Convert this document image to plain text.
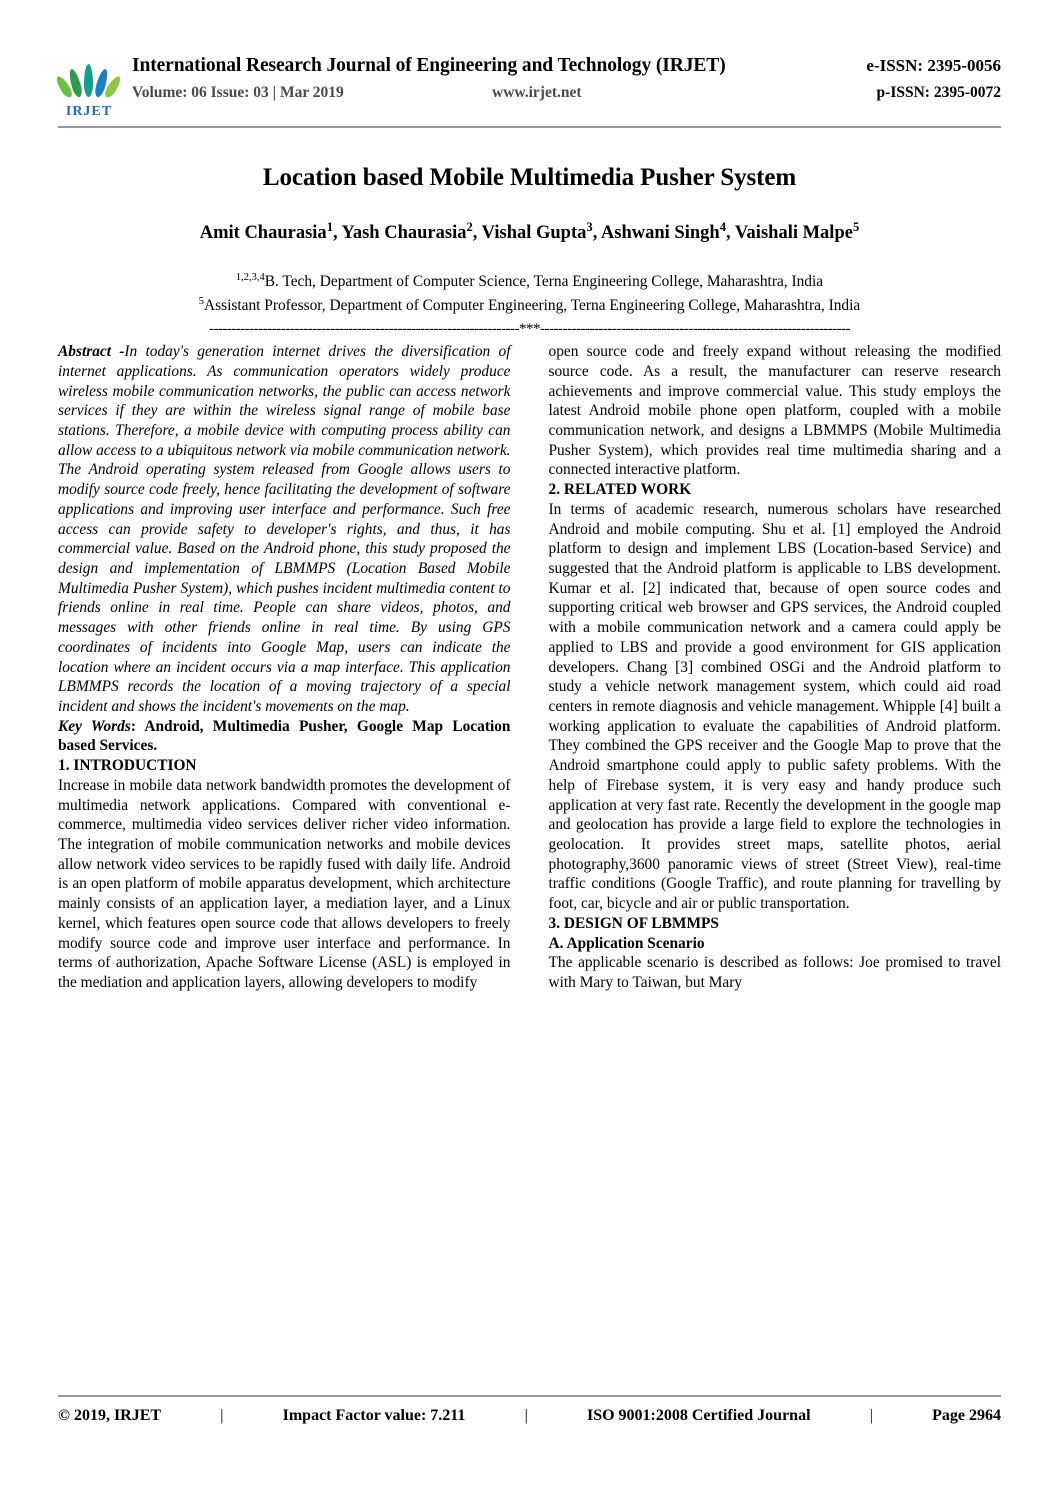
IRJET
International Research Journal of Engineering and Technology (IRJET)	e-ISSN: 2395-0056
Volume: 06 Issue: 03 | Mar 2019	www.irjet.net	p-ISSN: 2395-0072
Location based Mobile Multimedia Pusher System
Amit Chaurasia$^1$, Yash Chaurasia$^2$, Vishal Gupta$^3$, Ashwani Singh$^4$, Vaishali Malpe$^5$
$^{1,2,3,4}$B. Tech, Department of Computer Science, Terna Engineering College, Maharashtra, India
$^5$Assistant Professor, Department of Computer Engineering, Terna Engineering College, Maharashtra, India
---------------------------------------------------------------------***---------------------------------------------------------------------

Abstract -In today's generation internet drives the diversification of internet applications. As communication operators widely produce wireless mobile communication networks, the public can access network services if they are within the wireless signal range of mobile base stations. Therefore, a mobile device with computing process ability can allow access to a ubiquitous network via mobile communication network. The Android operating system released from Google allows users to modify source code freely, hence facilitating the development of software applications and improving user interface and performance. Such free access can provide safety to developer's rights, and thus, it has commercial value. Based on the Android phone, this study proposed the design and implementation of LBMMPS (Location Based Mobile Multimedia Pusher System), which pushes incident multimedia content to friends online in real time. People can share videos, photos, and messages with other friends online in real time. By using GPS coordinates of incidents into Google Map, users can indicate the location where an incident occurs via a map interface. This application LBMMPS records the location of a moving trajectory of a special incident and shows the incident's movements on the map.

Key Words: Android, Multimedia Pusher, Google Map Location based Services.

1. INTRODUCTION

Increase in mobile data network bandwidth promotes the development of multimedia network applications. Compared with conventional e-commerce, multimedia video services deliver richer video information. The integration of mobile communication networks and mobile devices allow network video services to be rapidly fused with daily life. Android is an open platform of mobile apparatus development, which architecture mainly consists of an application layer, a mediation layer, and a Linux kernel, which features open source code that allows developers to freely modify source code and improve user interface and performance. In terms of authorization, Apache Software License (ASL) is employed in the mediation and application layers, allowing developers to modify

open source code and freely expand without releasing the modified source code. As a result, the manufacturer can reserve research achievements and improve commercial value. This study employs the latest Android mobile phone open platform, coupled with a mobile communication network, and designs a LBMMPS (Mobile Multimedia Pusher System), which provides real time multimedia sharing and a connected interactive platform.

2. RELATED WORK

In terms of academic research, numerous scholars have researched Android and mobile computing. Shu et al. [1] employed the Android platform to design and implement LBS (Location-based Service) and suggested that the Android platform is applicable to LBS development. Kumar et al. [2] indicated that, because of open source codes and supporting critical web browser and GPS services, the Android coupled with a mobile communication network and a camera could apply be applied to LBS and provide a good environment for GIS application developers. Chang [3] combined OSGi and the Android platform to study a vehicle network management system, which could aid road centers in remote diagnosis and vehicle management. Whipple [4] built a working application to evaluate the capabilities of Android platform. They combined the GPS receiver and the Google Map to prove that the Android smartphone could apply to public safety problems. With the help of Firebase system, it is very easy and handy produce such application at very fast rate. Recently the development in the google map and geolocation has provide a large field to explore the technologies in geolocation. It provides street maps, satellite photos, aerial photography,3600 panoramic views of street (Street View), real-time traffic conditions (Google Traffic), and route planning for travelling by foot, car, bicycle and air or public transportation.

3. DESIGN OF LBMMPS

A. Application Scenario

The applicable scenario is described as follows: Joe promised to travel with Mary to Taiwan, but Mary

© 2019, IRJET	|	Impact Factor value: 7.211	|	ISO 9001:2008 Certified Journal	|	Page 2964
